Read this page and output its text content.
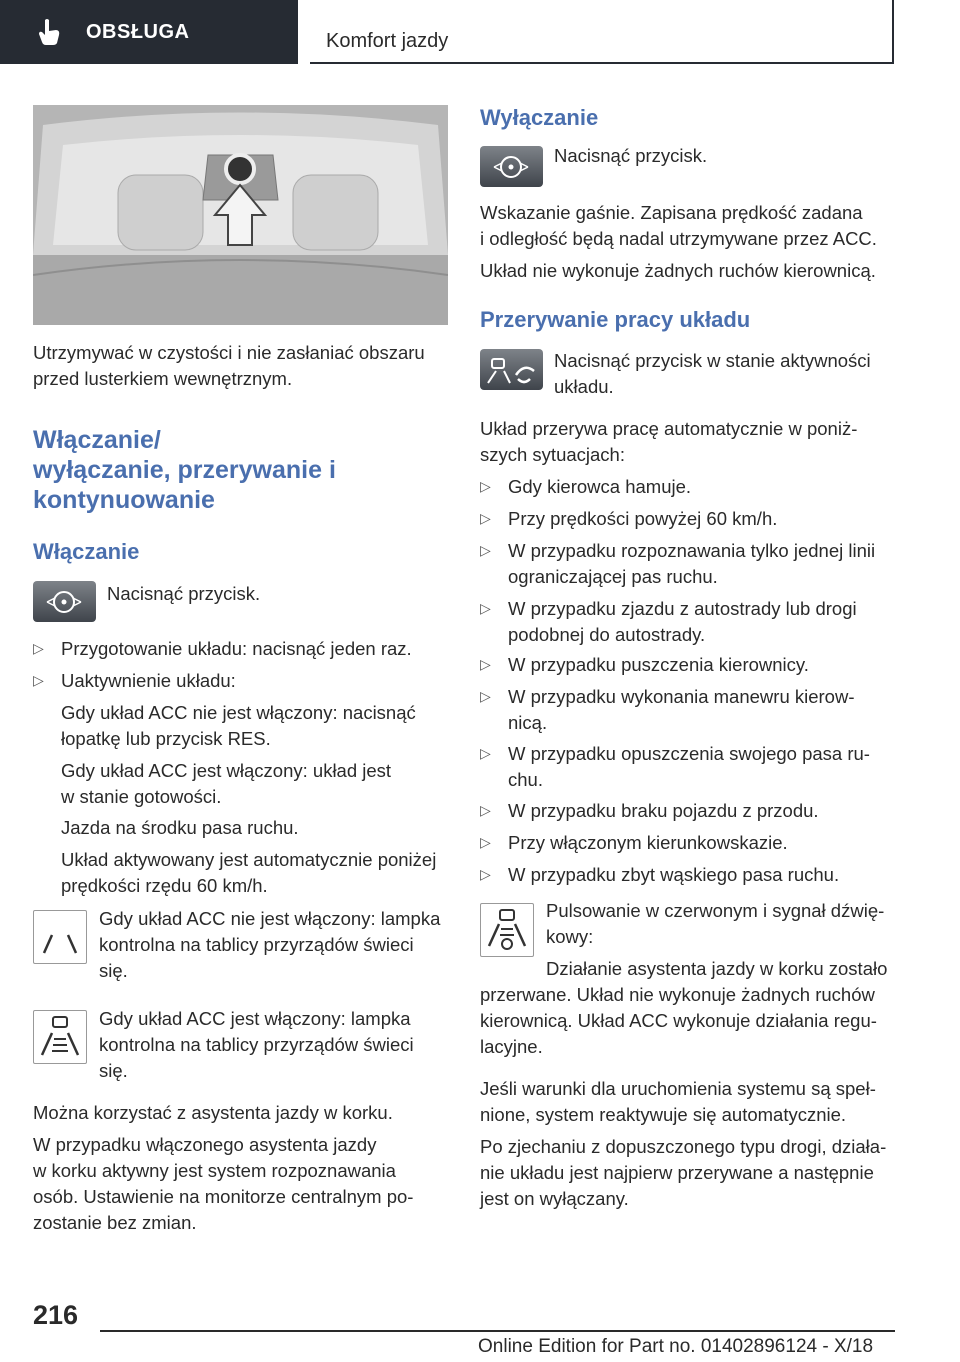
OBSŁUGA	Komfort jazdy

Utrzymywać w czystości i nie zasłaniać obszaru

przed lusterkiem wewnętrznym.

Włączanie/
wyłączanie, przerywanie i
kontynuowanie
Włączanie

Nacisnąć przycisk.

▷ Przygotowanie układu: nacisnąć jeden raz.

▷ Uaktywnienie układu:

Gdy układ ACC nie jest włączony: nacisnąć

łopatkę lub przycisk RES.

Gdy układ ACC jest włączony: układ jest

w stanie gotowości.

Jazda na środku pasa ruchu.

Układ aktywowany jest automatycznie poniżej

prędkości rzędu 60 km/h.

Gdy układ ACC nie jest włączony: lampka

kontrolna na tablicy przyrządów świeci

się.

Gdy układ ACC jest włączony: lampka

kontrolna na tablicy przyrządów świeci

się.

Można korzystać z asystenta jazdy w korku.

W przypadku włączonego asystenta jazdy

w korku aktywny jest system rozpoznawania

osób. Ustawienie na monitorze centralnym po-

zostanie bez zmian.

Wyłączanie

Nacisnąć przycisk.

Wskazanie gaśnie. Zapisana prędkość zadana

i odległość będą nadal utrzymywane przez ACC.

Układ nie wykonuje żadnych ruchów kierownicą.

Przerywanie pracy układu

Nacisnąć przycisk w stanie aktywności

układu.

Układ przerywa pracę automatycznie w poniż-

szych sytuacjach:

▷ Gdy kierowca hamuje.

▷ Przy prędkości powyżej 60 km/h.

▷ W przypadku rozpoznawania tylko jednej linii

ograniczającej pas ruchu.

▷ W przypadku zjazdu z autostrady lub drogi

podobnej do autostrady.

▷ W przypadku puszczenia kierownicy.

▷ W przypadku wykonania manewru kierow-

nicą.

▷ W przypadku opuszczenia swojego pasa ru-

chu.

▷ W przypadku braku pojazdu z przodu.

▷ Przy włączonym kierunkowskazie.

▷ W przypadku zbyt wąskiego pasa ruchu.

Pulsowanie w czerwonym i sygnał dźwię-

kowy:

Działanie asystenta jazdy w korku zostało

przerwane. Układ nie wykonuje żadnych ruchów

kierownicą. Układ ACC wykonuje działania regu-

lacyjne.

Jeśli warunki dla uruchomienia systemu są speł-

nione, system reaktywuje się automatycznie.

Po zjechaniu z dopuszczonego typu drogi, działa-

nie układu jest najpierw przerywane a następnie

jest on wyłączany.

216
Online Edition for Part no. 01402896124 - X/18
